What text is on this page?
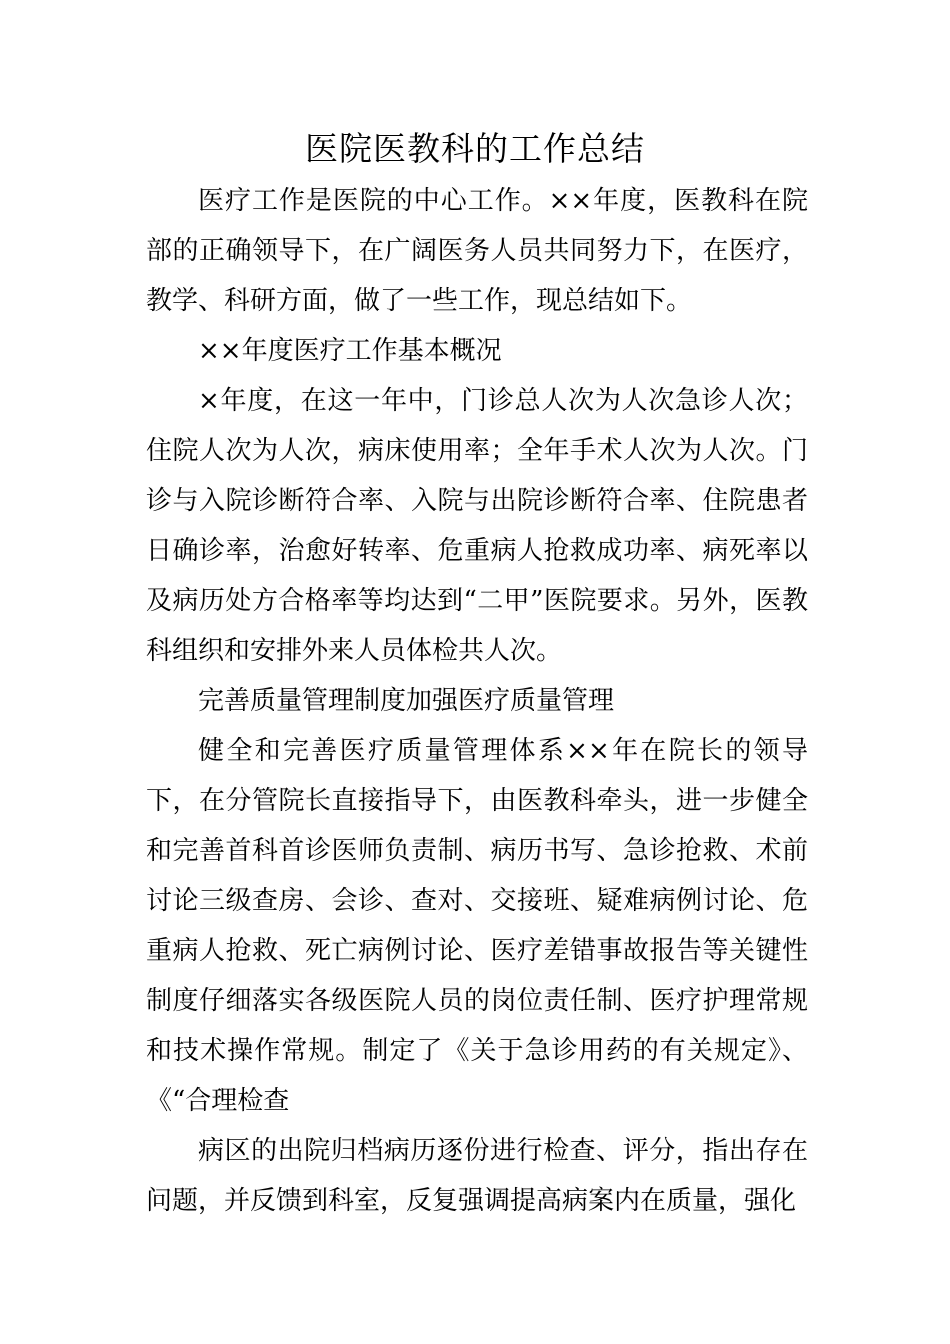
医院医教科的工作总结

医疗工作是医院的中心工作。××年度，医教科在院部的正确领导下，在广阔医务人员共同努力下，在医疗，教学、科研方面，做了一些工作，现总结如下。

××年度医疗工作基本概况

×年度，在这一年中，门诊总人次为人次急诊人次；住院人次为人次，病床使用率；全年手术人次为人次。门诊与入院诊断符合率、入院与出院诊断符合率、住院患者日确诊率，治愈好转率、危重病人抢救成功率、病死率以及病历处方合格率等均达到“二甲”医院要求。另外，医教科组织和安排外来人员体检共人次。

完善质量管理制度加强医疗质量管理

健全和完善医疗质量管理体系××年在院长的领导下，在分管院长直接指导下，由医教科牵头，进一步健全和完善首科首诊医师负责制、病历书写、急诊抢救、术前讨论三级查房、会诊、查对、交接班、疑难病例讨论、危重病人抢救、死亡病例讨论、医疗差错事故报告等关键性制度仔细落实各级医院人员的岗位责任制、医疗护理常规和技术操作常规。制定了《关于急诊用药的有关规定》、《“合理检查

病区的出院归档病历逐份进行检查、评分，指出存在问题，并反馈到科室，反复强调提高病案内在质量，强化
